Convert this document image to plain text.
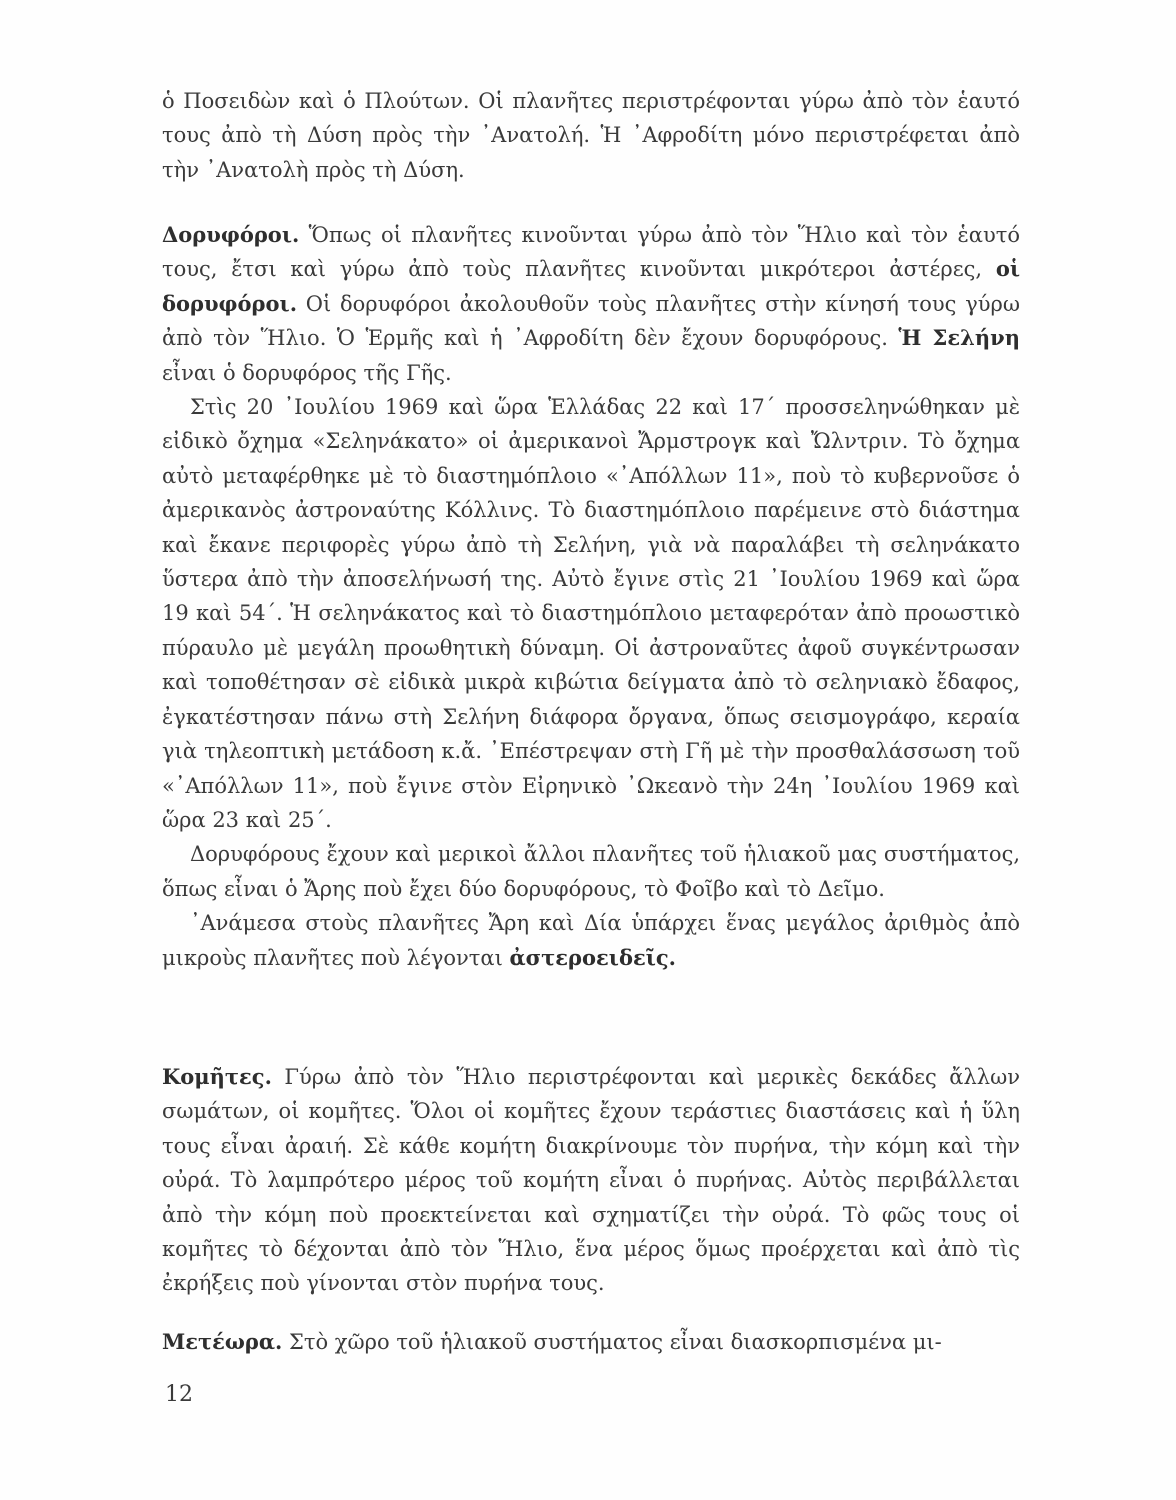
ὁ Ποσειδὼν καὶ ὁ Πλούτων. Οἱ πλανῆτες περιστρέφονται γύρω ἀπὸ τὸν ἑαυτό τους ἀπὸ τὴ Δύση πρὸς τὴν ᾽Ανατολή. Ἡ ᾽Αφροδίτη μόνο περιστρέφεται ἀπὸ τὴν ᾽Ανατολὴ πρὸς τὴ Δύση.

Δορυφόροι. Ὅπως οἱ πλανῆτες κινοῦνται γύρω ἀπὸ τὸν Ἥλιο καὶ τὸν ἑαυτό τους, ἔτσι καὶ γύρω ἀπὸ τοὺς πλανῆτες κινοῦνται μικρότεροι ἀστέρες, οἱ δορυφόροι. Οἱ δορυφόροι ἀκολουθοῦν τοὺς πλανῆτες στὴν κίνησή τους γύρω ἀπὸ τὸν Ἥλιο. Ὁ Ἑρμῆς καὶ ἡ ᾽Αφροδίτη δὲν ἔχουν δορυφόρους. Ἡ Σελήνη εἶναι ὁ δορυφόρος τῆς Γῆς.

Στὶς 20 ᾽Ιουλίου 1969 καὶ ὥρα Ἑλλάδας 22 καὶ 17΄ προσσεληνώθηκαν μὲ εἰδικὸ ὄχημα «Σεληνάκατο» οἱ ἀμερικανοὶ Ἄρμστρογκ καὶ Ὤλντριν. Τὸ ὄχημα αὐτὸ μεταφέρθηκε μὲ τὸ διαστημόπλοιο «᾽Απόλλων 11», ποὺ τὸ κυβερνοῦσε ὁ ἀμερικανὸς ἀστροναύτης Κόλλινς. Τὸ διαστημόπλοιο παρέμεινε στὸ διάστημα καὶ ἔκανε περιφορὲς γύρω ἀπὸ τὴ Σελήνη, γιὰ νὰ παραλάβει τὴ σεληνάκατο ὕστερα ἀπὸ τὴν ἀποσελήνωσή της. Αὐτὸ ἔγινε στὶς 21 ᾽Ιουλίου 1969 καὶ ὥρα 19 καὶ 54΄. Ἡ σεληνάκατος καὶ τὸ διαστημόπλοιο μεταφερόταν ἀπὸ προωστικὸ πύραυλο μὲ μεγάλη προωθητικὴ δύναμη. Οἱ ἀστροναῦτες ἀφοῦ συγκέντρωσαν καὶ τοποθέτησαν σὲ εἰδικὰ μικρὰ κιβώτια δείγματα ἀπὸ τὸ σεληνιακὸ ἔδαφος, ἐγκατέστησαν πάνω στὴ Σελήνη διάφορα ὄργανα, ὅπως σεισμογράφο, κεραία γιὰ τηλεοπτικὴ μετάδοση κ.ἄ. ᾽Επέστρεψαν στὴ Γῆ μὲ τὴν προσθαλάσσωση τοῦ «᾽Απόλλων 11», ποὺ ἔγινε στὸν Εἰρηνικὸ ᾽Ωκεανὸ τὴν 24η ᾽Ιουλίου 1969 καὶ ὥρα 23 καὶ 25΄.

Δορυφόρους ἔχουν καὶ μερικοὶ ἄλλοι πλανῆτες τοῦ ἡλιακοῦ μας συστήματος, ὅπως εἶναι ὁ Ἄρης ποὺ ἔχει δύο δορυφόρους, τὸ Φοῖβο καὶ τὸ Δεῖμο.

᾽Ανάμεσα στοὺς πλανῆτες Ἄρη καὶ Δία ὑπάρχει ἕνας μεγάλος ἀριθμὸς ἀπὸ μικροὺς πλανῆτες ποὺ λέγονται ἀστεροειδεῖς.

Κομῆτες. Γύρω ἀπὸ τὸν Ἥλιο περιστρέφονται καὶ μερικὲς δεκάδες ἄλλων σωμάτων, οἱ κομῆτες. Ὅλοι οἱ κομῆτες ἔχουν τεράστιες διαστάσεις καὶ ἡ ὕλη τους εἶναι ἀραιή. Σὲ κάθε κομήτη διακρίνουμε τὸν πυρήνα, τὴν κόμη καὶ τὴν οὐρά. Τὸ λαμπρότερο μέρος τοῦ κομήτη εἶναι ὁ πυρήνας. Αὐτὸς περιβάλλεται ἀπὸ τὴν κόμη ποὺ προεκτείνεται καὶ σχηματίζει τὴν οὐρά. Τὸ φῶς τους οἱ κομῆτες τὸ δέχονται ἀπὸ τὸν Ἥλιο, ἕνα μέρος ὅμως προέρχεται καὶ ἀπὸ τὶς ἐκρήξεις ποὺ γίνονται στὸν πυρήνα τους.

Μετέωρα. Στὸ χῶρο τοῦ ἡλιακοῦ συστήματος εἶναι διασκορπισμένα μι-

12
